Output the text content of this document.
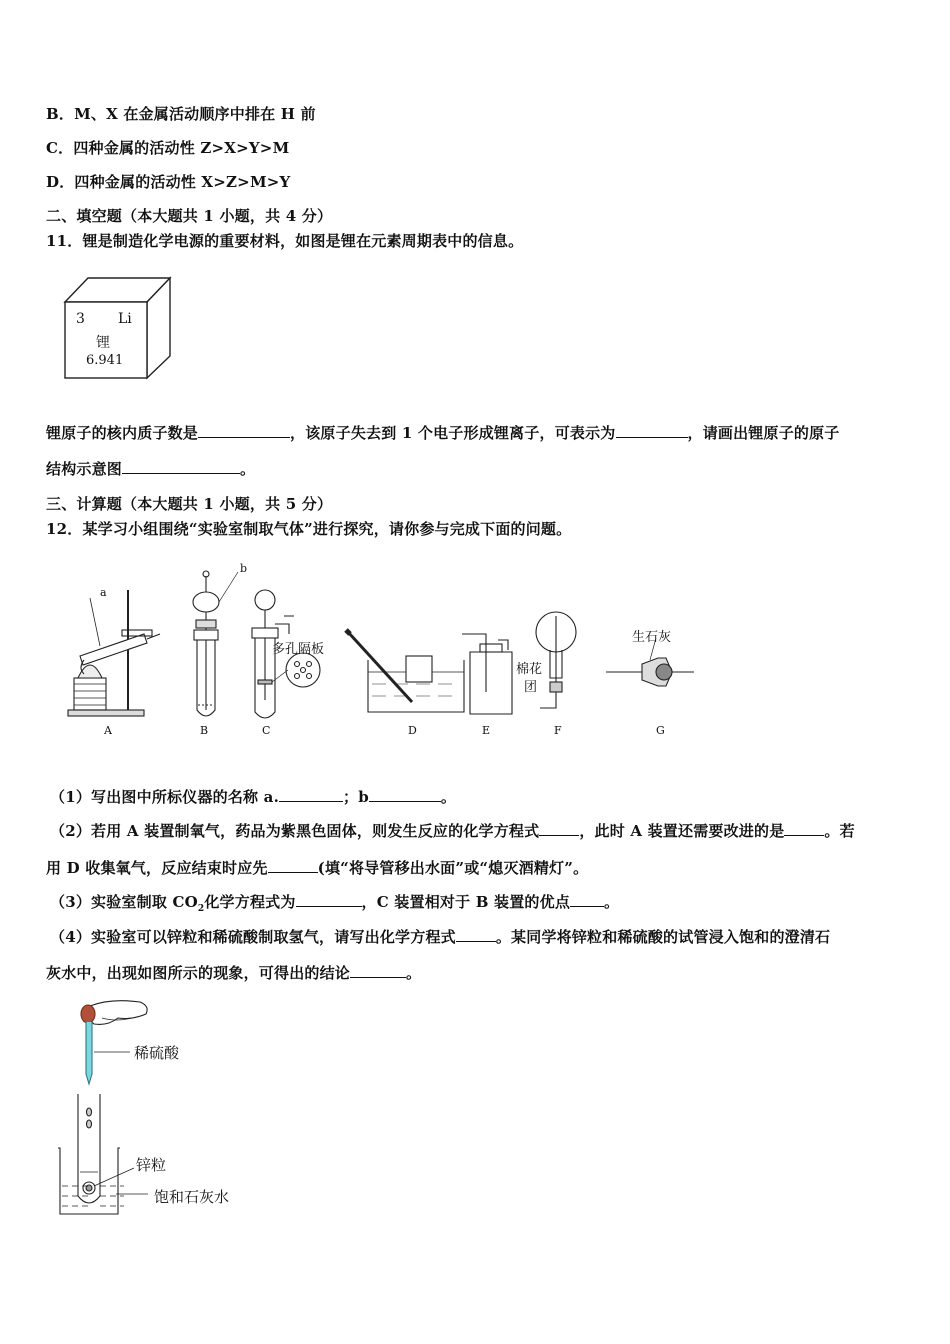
B．M、X 在金属活动顺序中排在 H 前
C．四种金属的活动性 Z>X>Y>M
D．四种金属的活动性 X>Z>M>Y
二、填空题（本大题共 1 小题，共 4 分）
11．锂是制造化学电源的重要材料，如图是锂在元素周期表中的信息。
3 Li
锂
6.941
锂原子的核内质子数是	，该原子失去到 1 个电子形成锂离子，可表示为	，请画出锂原子的原子
结构示意图	。
三、计算题（本大题共 1 小题，共 5 分）
12．某学习小组围绕“实验室制取气体”进行探究，请你参与完成下面的问题。
a
b
多孔隔板
棉花
团
生石灰
A	B	C	D	E	F	G
（1）写出图中所标仪器的名称 a.	；b	。
（2）若用 A 装置制氧气，药品为紫黑色固体，则发生反应的化学方程式	，此时 A 装置还需要改进的是	。若
用 D 收集氧气，反应结束时应先	(填“将导管移出水面”或“熄灭酒精灯”。
（3）实验室制取 $CO_2$化学方程式为	，C 装置相对于 B 装置的优点 。
（4）实验室可以锌粒和稀硫酸制取氢气，请写出化学方程式	。某同学将锌粒和稀硫酸的试管浸入饱和的澄清石
灰水中，出现如图所示的现象，可得出的结论	。
稀硫酸
锌粒
饱和石灰水
